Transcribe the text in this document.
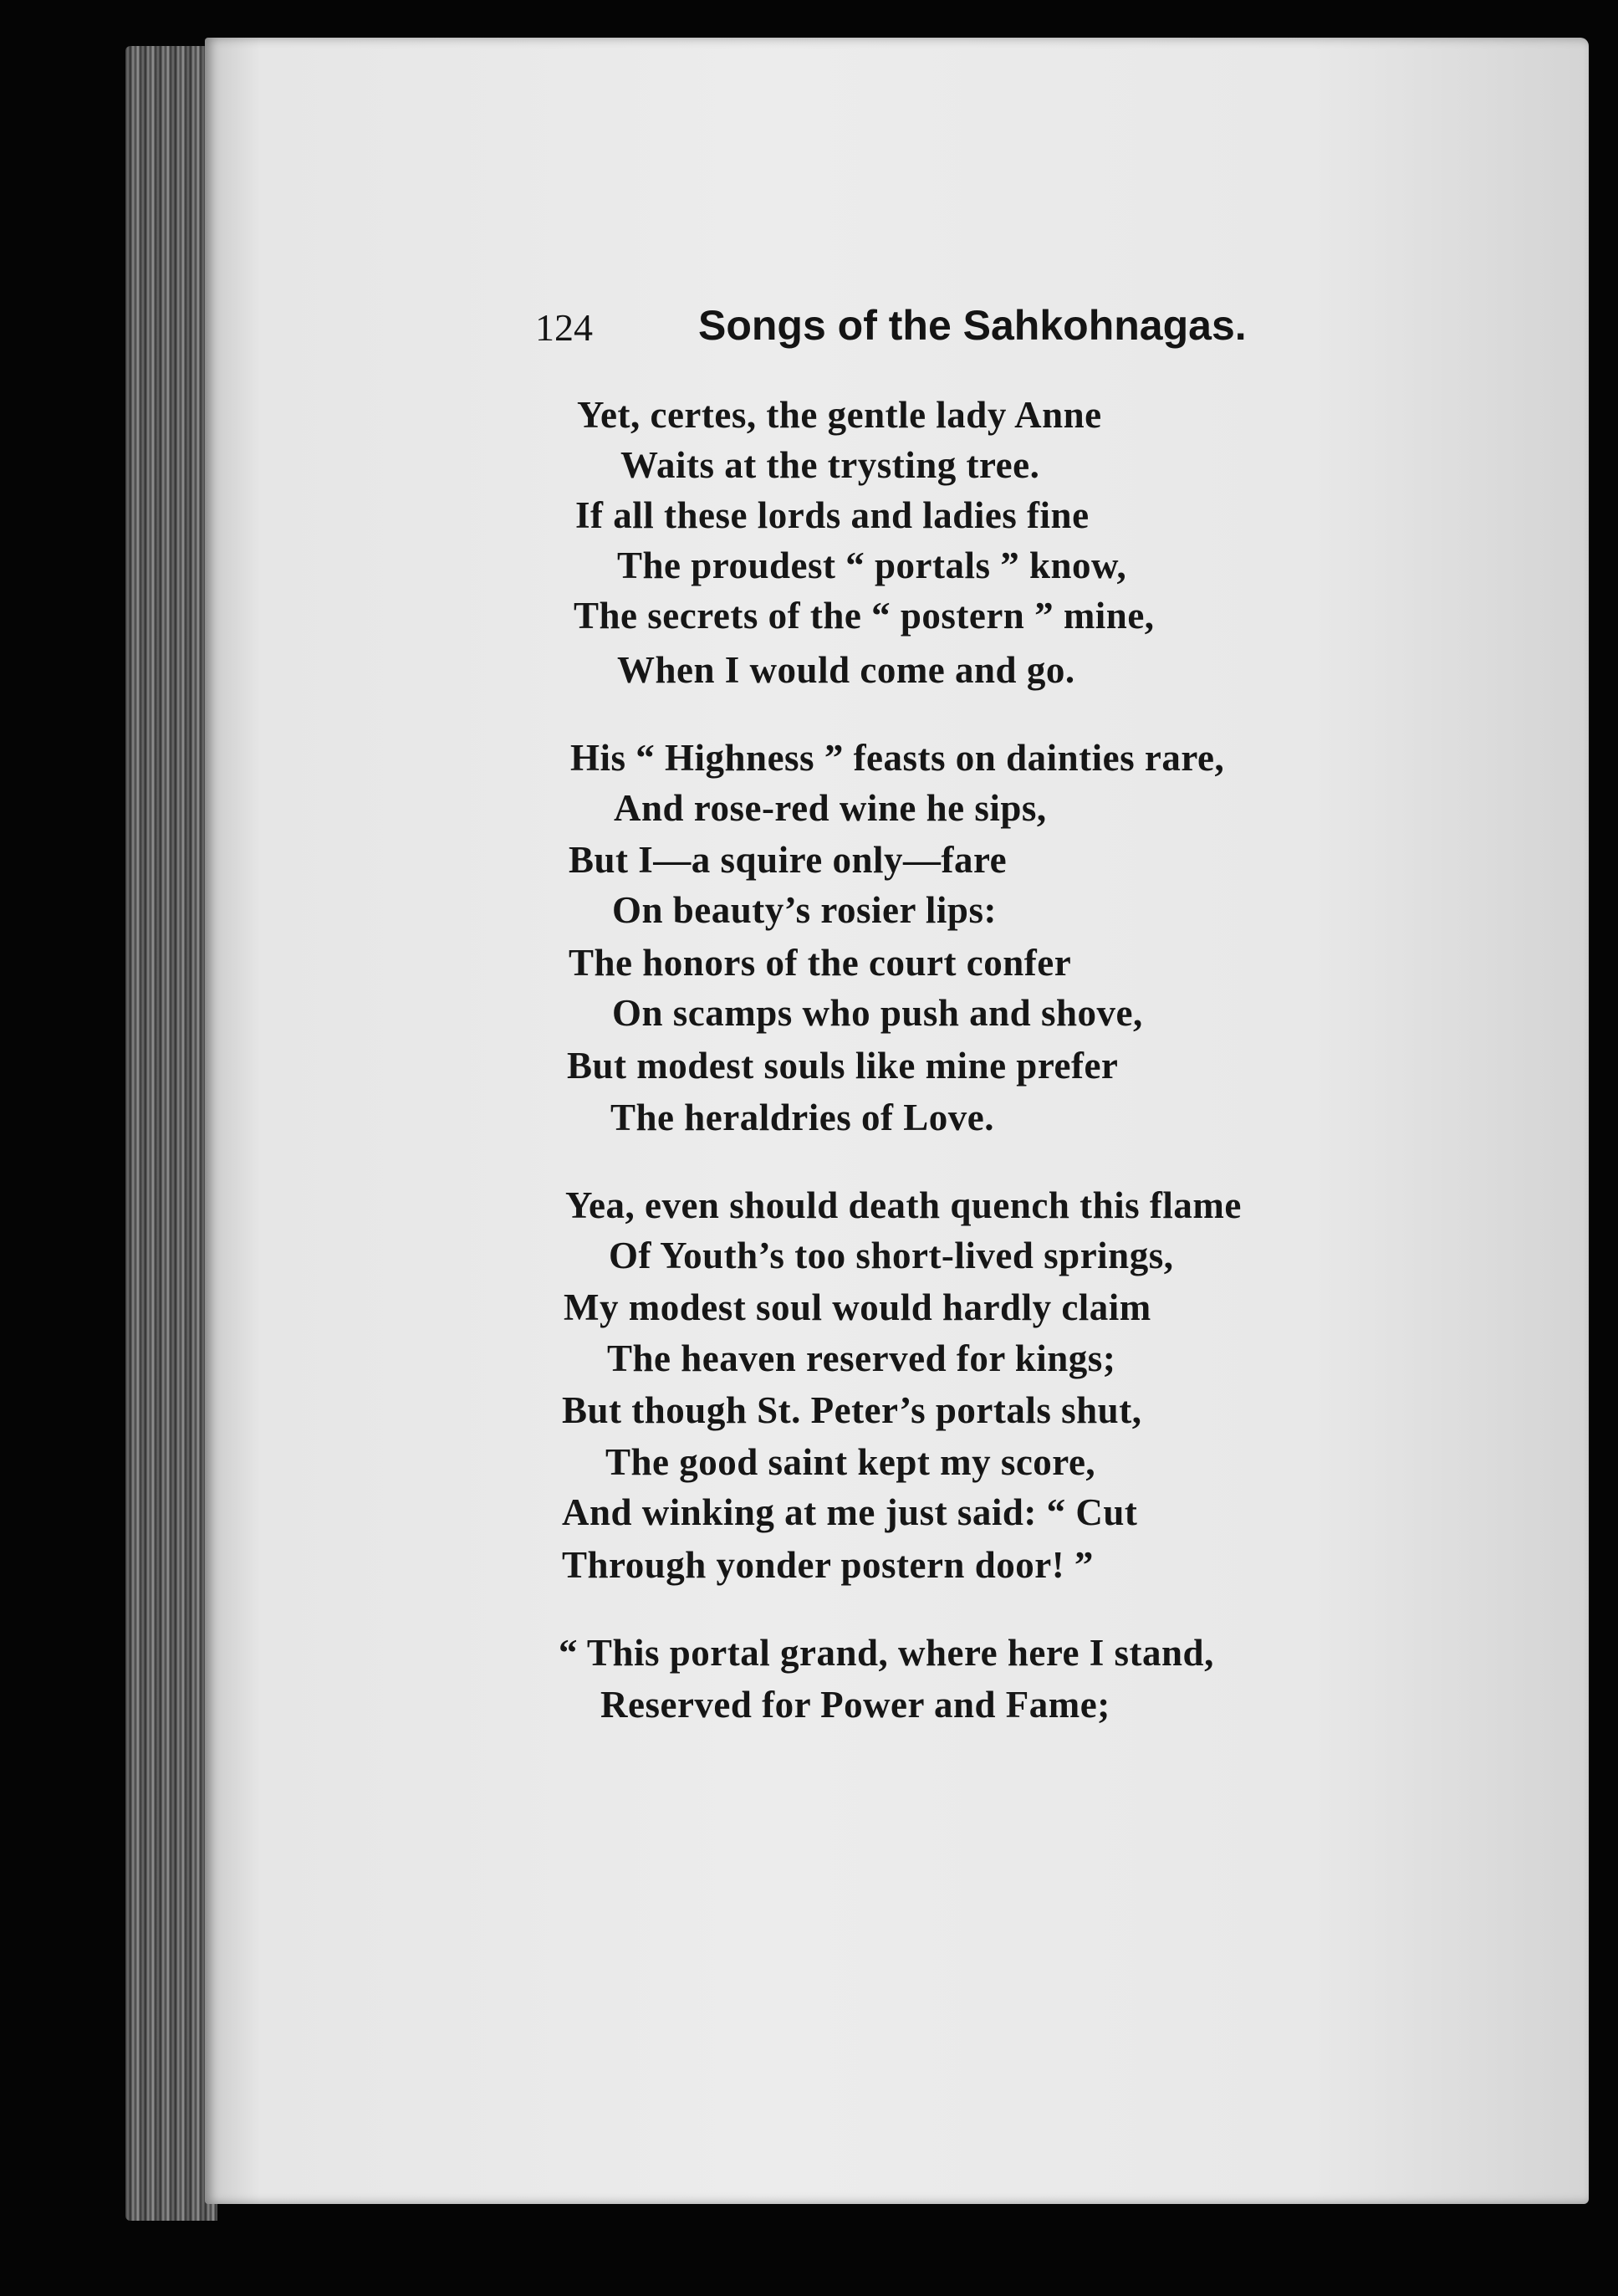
124	Songs of the Sahkohnagas.
Yet, certes, the gentle lady Anne
Waits at the trysting tree.
If all these lords and ladies fine
The proudest “ portals ” know,
The secrets of the “ postern ” mine,
When I would come and go.
His “ Highness ” feasts on dainties rare,
And rose-red wine he sips,
But I—a squire only—fare
On beauty’s rosier lips:
The honors of the court confer
On scamps who push and shove,
But modest souls like mine prefer
The heraldries of Love.
Yea, even should death quench this flame
Of Youth’s too short-lived springs,
My modest soul would hardly claim
The heaven reserved for kings;
But though St. Peter’s portals shut,
The good saint kept my score,
And winking at me just said: “ Cut
Through yonder postern door! ”
“ This portal grand, where here I stand,
Reserved for Power and Fame;
